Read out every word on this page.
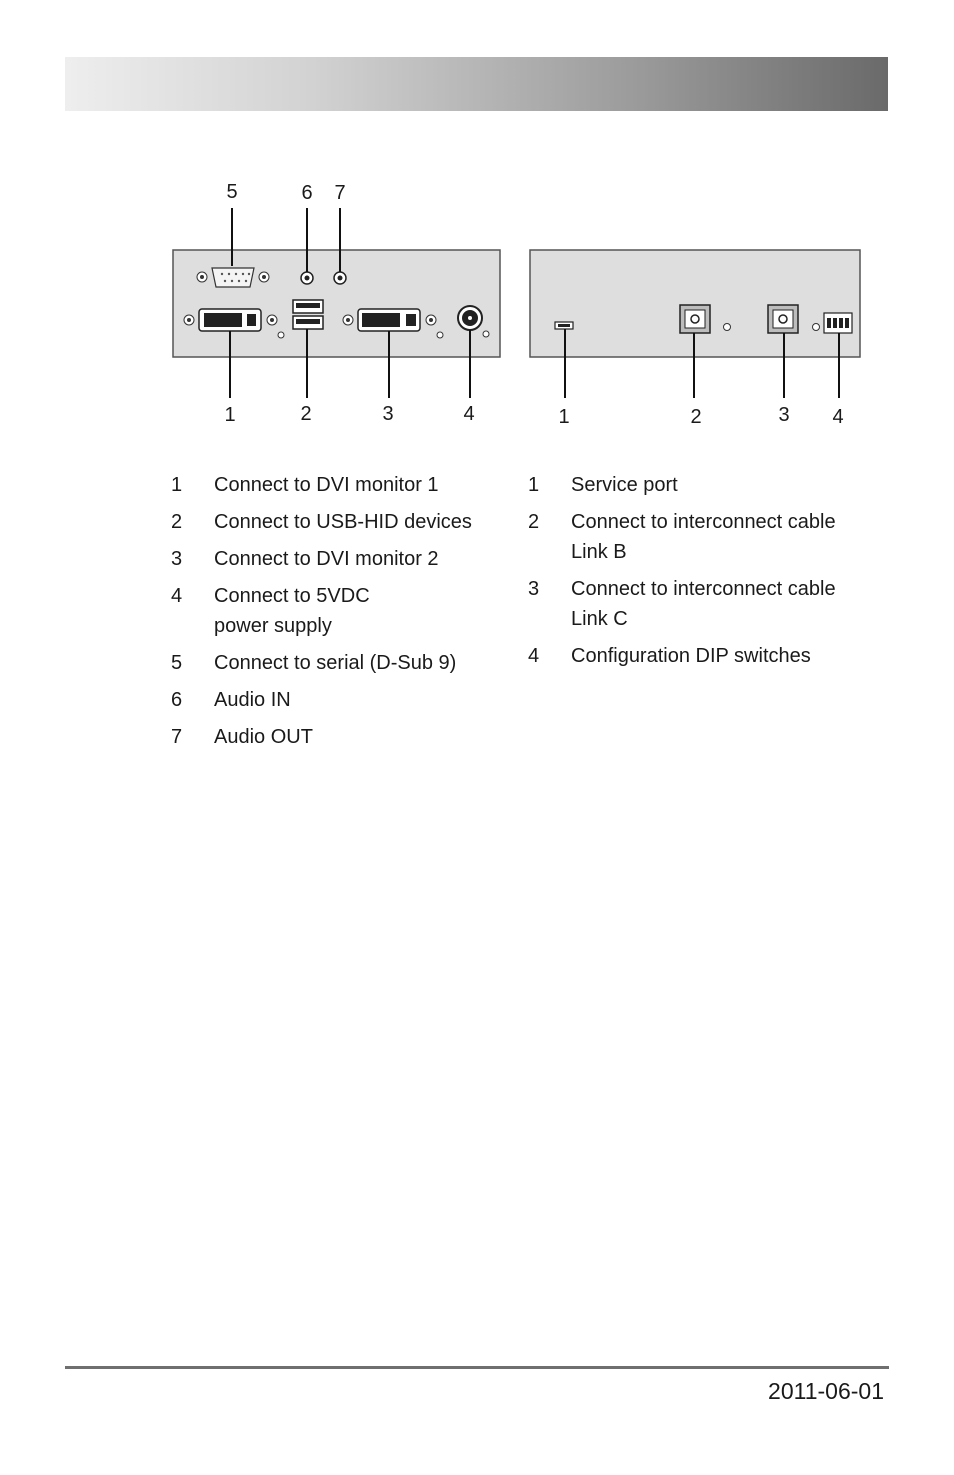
5	6 7
1	2	3	4	1	2	3 4
1	Connect to DVI monitor 1
2	Connect to USB-HID devices
3	Connect to DVI monitor 2
4	Connect to 5VDC
power supply
5	Connect to serial (D-Sub 9)
6	Audio IN
7	Audio OUT
1	Service port
2	Connect to interconnect cable
Link B
3	Connect to interconnect cable
Link C
4	Configuration DIP switches
2011-06-01
